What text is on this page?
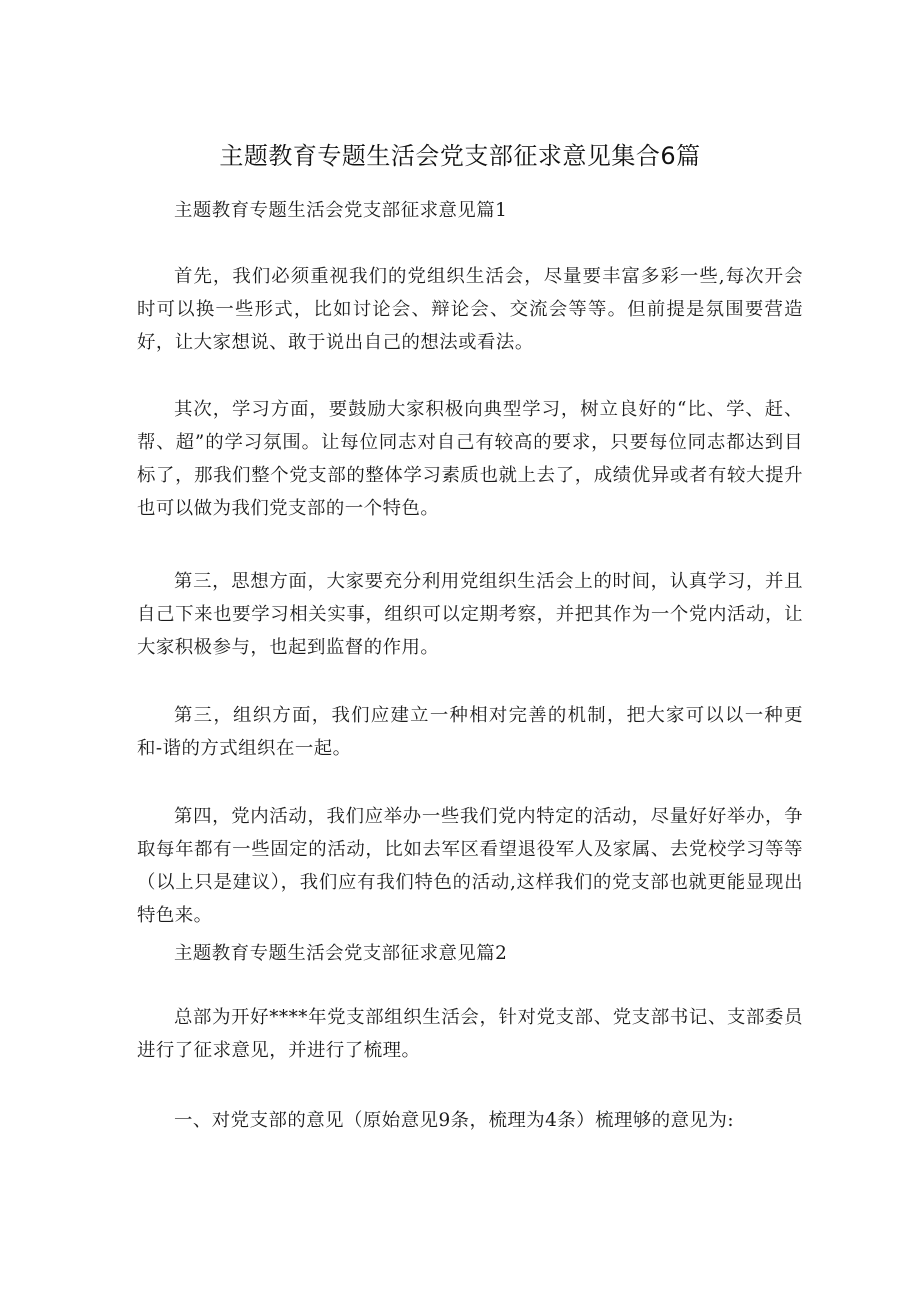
主题教育专题生活会党支部征求意见集合6篇
主题教育专题生活会党支部征求意见篇1
首先，我们必须重视我们的党组织生活会，尽量要丰富多彩一些,每次开会时可以换一些形式，比如讨论会、辩论会、交流会等等。但前提是氛围要营造好，让大家想说、敢于说出自己的想法或看法。
其次，学习方面，要鼓励大家积极向典型学习，树立良好的“比、学、赶、帮、超”的学习氛围。让每位同志对自己有较高的要求，只要每位同志都达到目标了，那我们整个党支部的整体学习素质也就上去了，成绩优异或者有较大提升也可以做为我们党支部的一个特色。
第三，思想方面，大家要充分利用党组织生活会上的时间，认真学习，并且自己下来也要学习相关实事，组织可以定期考察，并把其作为一个党内活动，让大家积极参与，也起到监督的作用。
第三，组织方面，我们应建立一种相对完善的机制，把大家可以以一种更和-谐的方式组织在一起。
第四，党内活动，我们应举办一些我们党内特定的活动，尽量好好举办，争取每年都有一些固定的活动，比如去军区看望退役军人及家属、去党校学习等等（以上只是建议），我们应有我们特色的活动,这样我们的党支部也就更能显现出特色来。
主题教育专题生活会党支部征求意见篇2
总部为开好****年党支部组织生活会，针对党支部、党支部书记、支部委员进行了征求意见，并进行了梳理。
一、对党支部的意见（原始意见9条，梳理为4条）梳理够的意见为:
